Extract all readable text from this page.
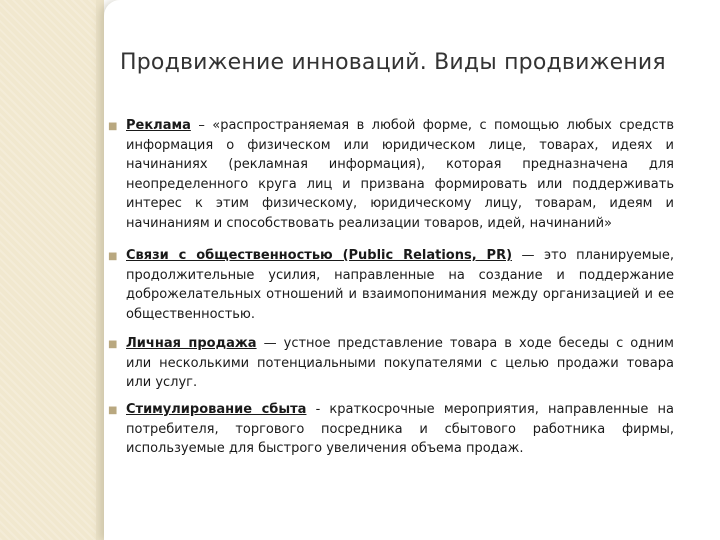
Продвижение инноваций. Виды продвижения

■ Реклама – «распространяемая в любой форме, с помощью любых средств информация о физическом или юридическом лице, товарах, идеях и начинаниях (рекламная информация), которая предназначена для неопределенного круга лиц и призвана формировать или поддерживать интерес к этим физическому, юридическому лицу, товарам, идеям и начинаниям и способствовать реализации товаров, идей, начинаний»

■ Связи с общественностью (Public Relations, PR) — это планируемые, продолжительные усилия, направленные на создание и поддержание доброжелательных отношений и взаимопонимания между организацией и ее общественностью.

■ Личная продажа — устное представление товара в ходе беседы с одним или несколькими потенциальными покупателями с целью продажи товара или услуг.

■ Стимулирование сбыта - краткосрочные мероприятия, направленные на потребителя, торгового посредника и сбытового работника фирмы, используемые для быстрого увеличения объема продаж.
